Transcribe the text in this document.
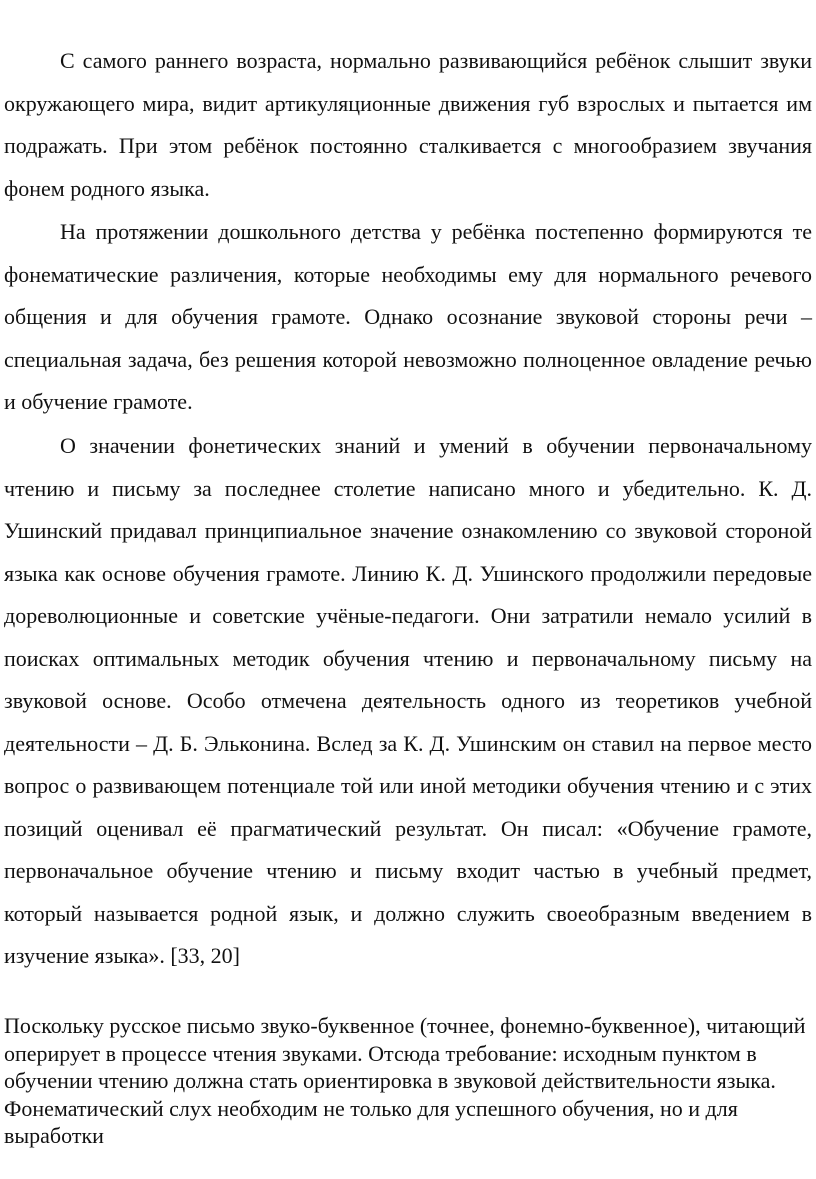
С самого раннего возраста, нормально развивающийся ребёнок слышит звуки окружающего мира, видит артикуляционные движения губ взрослых и пытается им подражать. При этом ребёнок постоянно сталкивается с многообразием звучания фонем родного языка.

На протяжении дошкольного детства у ребёнка постепенно формируются те фонематические различения, которые необходимы ему для нормального речевого общения и для обучения грамоте. Однако осознание звуковой стороны речи – специальная задача, без решения которой невозможно полноценное овладение речью и обучение грамоте.

О значении фонетических знаний и умений в обучении первоначальному чтению и письму за последнее столетие написано много и убедительно. К. Д. Ушинский придавал принципиальное значение ознакомлению со звуковой стороной языка как основе обучения грамоте. Линию К. Д. Ушинского продолжили передовые дореволюционные и советские учёные-педагоги. Они затратили немало усилий в поисках оптимальных методик обучения чтению и первоначальному письму на звуковой основе. Особо отмечена деятельность одного из теоретиков учебной деятельности – Д. Б. Эльконина. Вслед за К. Д. Ушинским он ставил на первое место вопрос о развивающем потенциале той или иной методики обучения чтению и с этих позиций оценивал её прагматический результат. Он писал: «Обучение грамоте, первоначальное обучение чтению и письму входит частью в учебный предмет, который называется родной язык, и должно служить своеобразным введением в изучение языка». [33, 20]

Поскольку русское письмо звуко-буквенное (точнее, фонемно-буквенное), читающий оперирует в процессе чтения звуками. Отсюда требование: исходным пунктом в обучении чтению должна стать ориентировка в звуковой действительности языка. Фонематический слух необходим не только для успешного обучения, но и для выработки
